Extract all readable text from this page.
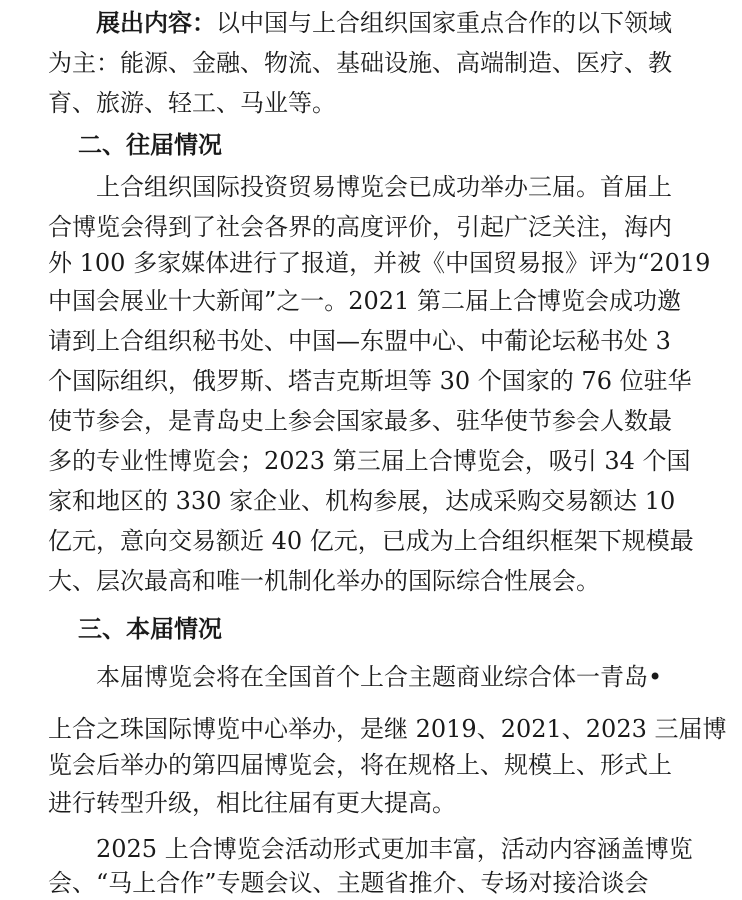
展出内容：以中国与上合组织国家重点合作的以下领域
为主：能源、金融、物流、基础设施、高端制造、医疗、教
育、旅游、轻工、马业等。
二、往届情况
上合组织国际投资贸易博览会已成功举办三届。首届上
合博览会得到了社会各界的高度评价，引起广泛关注，海内
外 100 多家媒体进行了报道，并被《中国贸易报》评为“2019
中国会展业十大新闻”之一。2021 第二届上合博览会成功邀
请到上合组织秘书处、中国—东盟中心、中葡论坛秘书处 3
个国际组织，俄罗斯、塔吉克斯坦等 30 个国家的 76 位驻华
使节参会，是青岛史上参会国家最多、驻华使节参会人数最
多的专业性博览会；2023 第三届上合博览会，吸引 34 个国
家和地区的 330 家企业、机构参展，达成采购交易额达 10
亿元，意向交易额近 40 亿元，已成为上合组织框架下规模最
大、层次最高和唯一机制化举办的国际综合性展会。
三、本届情况
本届博览会将在全国首个上合主题商业综合体一青岛•
上合之珠国际博览中心举办，是继 2019、2021、2023 三届博
览会后举办的第四届博览会，将在规格上、规模上、形式上
进行转型升级，相比往届有更大提高。
2025 上合博览会活动形式更加丰富，活动内容涵盖博览
会、“马上合作”专题会议、主题省推介、专场对接洽谈会
